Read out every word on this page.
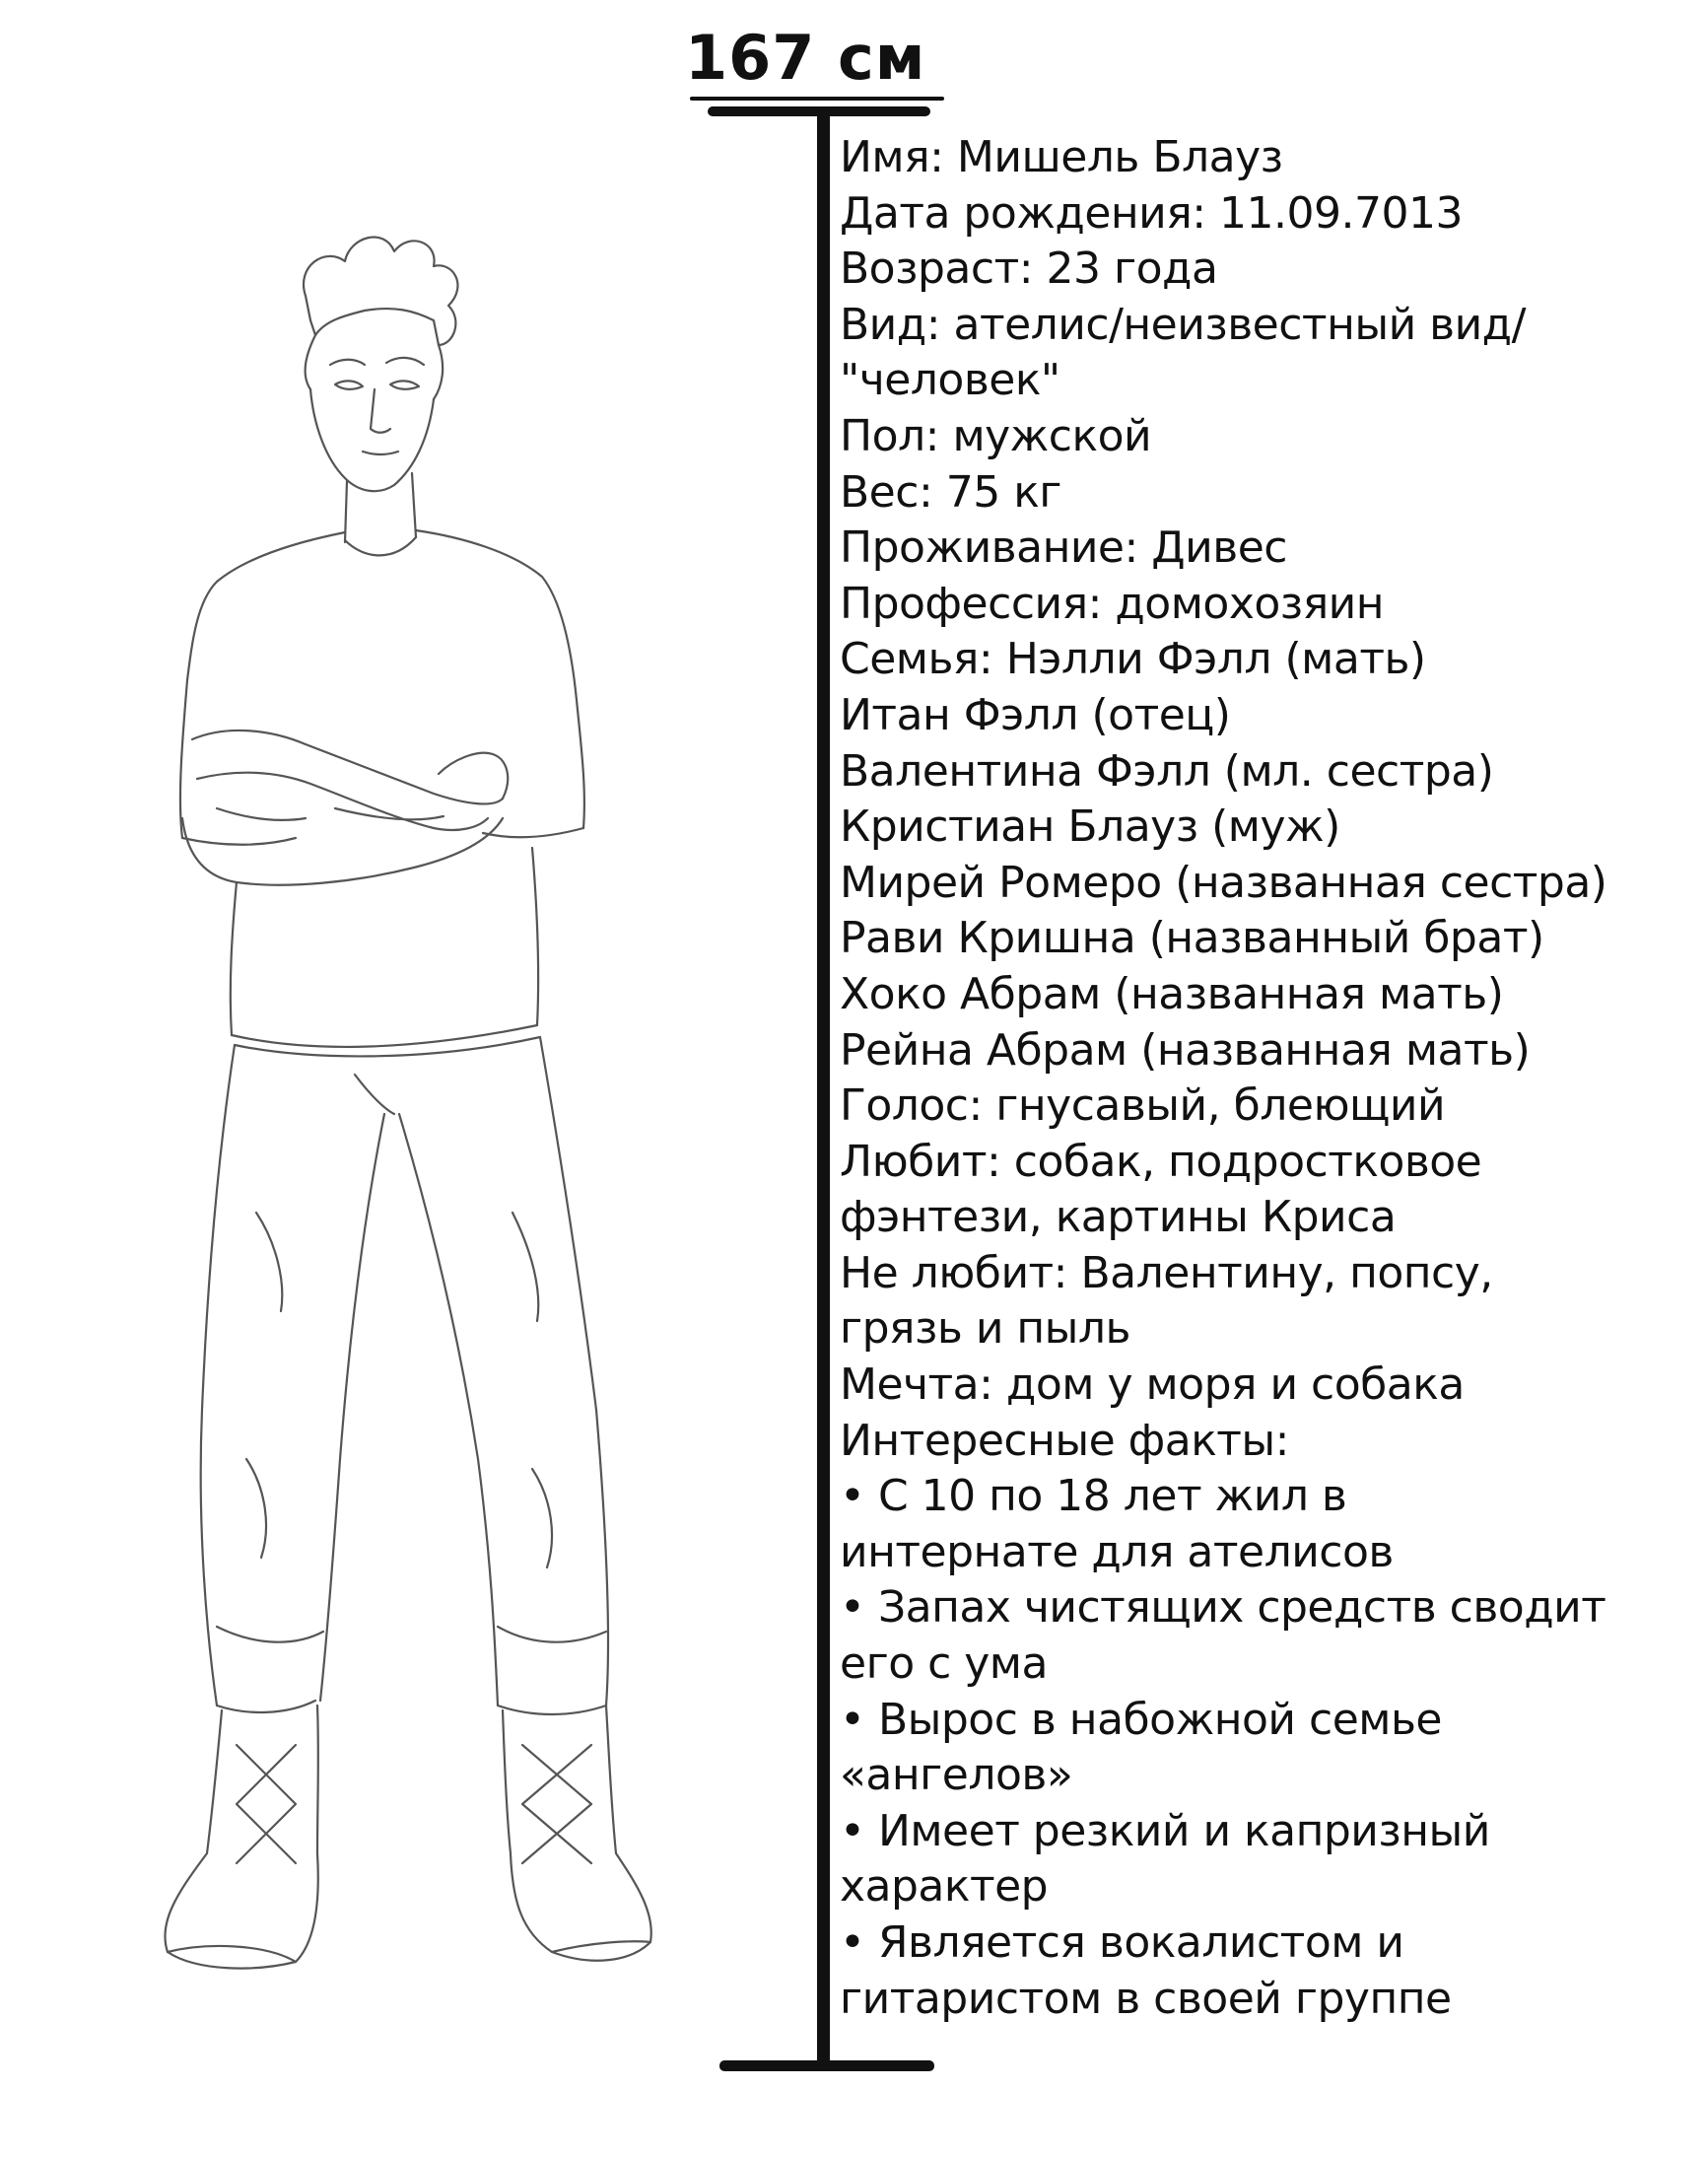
167 см
Имя: Мишель Блауз
Дата рождения: 11.09.7013
Возраст: 23 года
Вид: ателис/неизвестный вид/
"человек"
Пол: мужской
Вес: 75 кг
Проживание: Дивес
Профессия: домохозяин
Семья: Нэлли Фэлл (мать)
Итан Фэлл (отец)
Валентина Фэлл (мл. сестра)
Кристиан Блауз (муж)
Мирей Ромеро (названная сестра)
Рави Кришна (названный брат)
Хоко Абрам (названная мать)
Рейна Абрам (названная мать)
Голос: гнусавый, блеющий
Любит: собак, подростковое
фэнтези, картины Криса
Не любит: Валентину, попсу,
грязь и пыль
Мечта: дом у моря и собака
Интересные факты:
• С 10 по 18 лет жил в
интернате для ателисов
• Запах чистящих средств сводит
его с ума
• Вырос в набожной семье
«ангелов»
• Имеет резкий и капризный
характер
• Является вокалистом и
гитаристом в своей группе
